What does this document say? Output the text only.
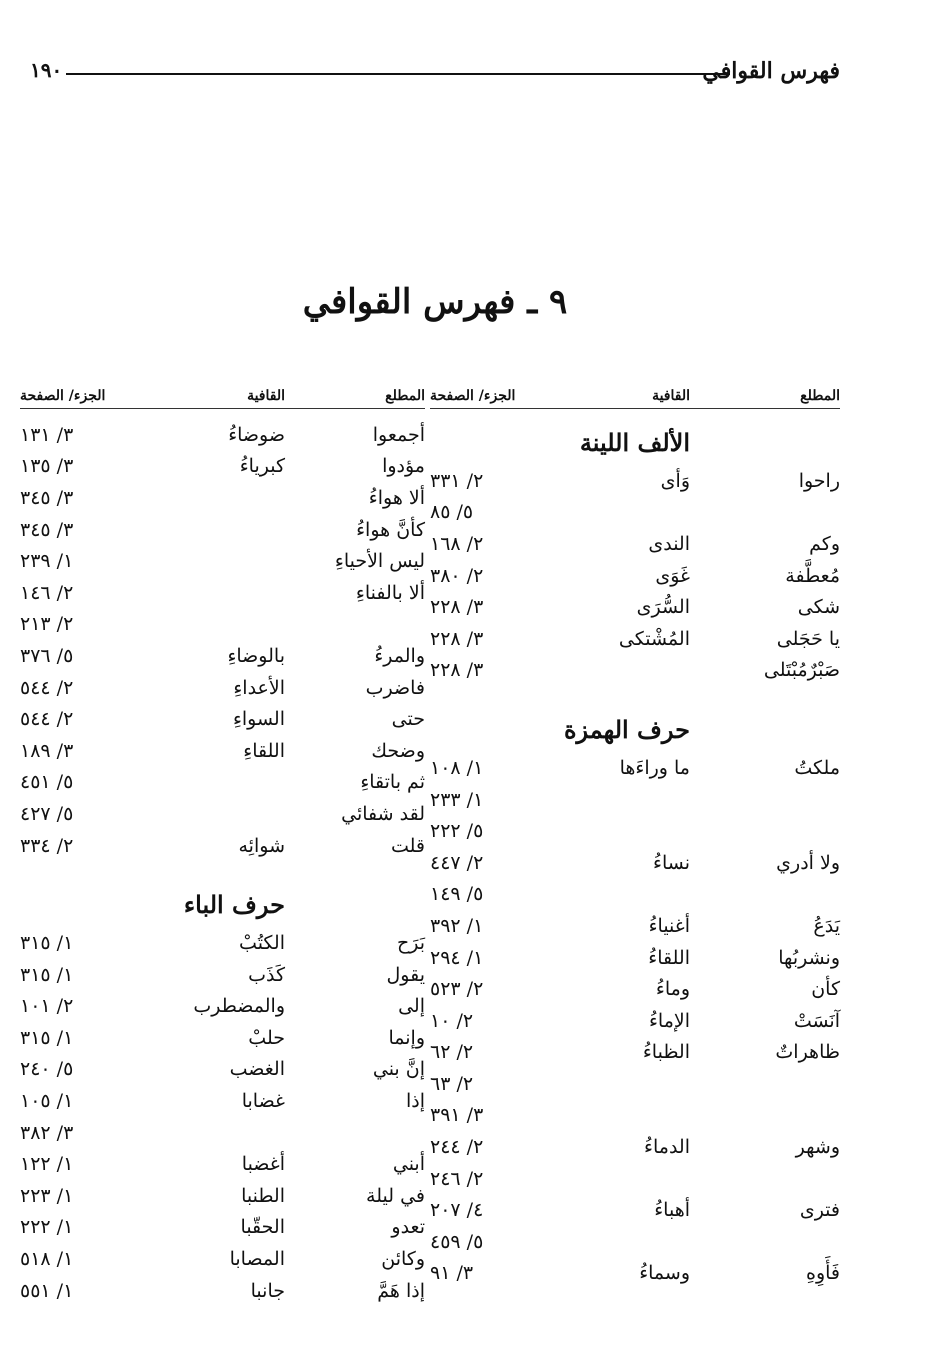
فهرس القوافي
١٩٠
٩ ـ فهرس القوافي
المطلع
القافية
الجزء/ الصفحة
الألف اللينة
راحوا
وَأى
٢/ ٣٣١
٥/ ٨٥
وكم
الندى
٢/ ١٦٨
مُعطَّفة
غَوَى
٢/ ٣٨٠
شكى
السُّرَى
٣/ ٢٢٨
يا حَجَلى
المُشْتكى
٣/ ٢٢٨
صَبْرٌمُبْتَلى
٣/ ٢٢٨
حرف الهمزة
ملكتُ
ما وراءَها
١/ ١٠٨
١/ ٢٣٣
٥/ ٢٢٢
ولا أدري
نساءُ
٢/ ٤٤٧
٥/ ١٤٩
يَدَعُ
أغنياءُ
١/ ٣٩٢
ونشربُها
اللقاءُ
١/ ٢٩٤
كأن
وماءُ
٢/ ٥٢٣
آنَسَتْ
الإماءُ
٢/ ١٠
ظاهراتٌ
الظباءُ
٢/ ٦٢
٢/ ٦٣
٣/ ٣٩١
وشهر
الدماءُ
٢/ ٢٤٤
٢/ ٢٤٦
فترى
أهباءُ
٤/ ٢٠٧
٥/ ٤٥٩
فَأَوِهِ
وسماءُ
٣/ ٩١
المطلع
القافية
الجزء/ الصفحة
أجمعوا
ضوضاءُ
٣/ ١٣١
مؤدوا
كبرياءُ
٣/ ١٣٥
ألا هواءُ
٣/ ٣٤٥
كأنَّ هواءُ
٣/ ٣٤٥
ليس الأحياءِ
١/ ٢٣٩
ألا بالفناءِ
٢/ ١٤٦
٢/ ٢١٣
والمرءُ
بالوضاءِ
٥/ ٣٧٦
فاضرب
الأعداءِ
٢/ ٥٤٤
حتى
السواءِ
٢/ ٥٤٤
وضحك
اللقاءِ
٣/ ١٨٩
ثم باتقاءِ
٥/ ٤٥١
لقد شفائي
٥/ ٤٢٧
قلت
شوائِه
٢/ ٣٣٤
حرف الباء
بَرَح
الكتُبْ
١/ ٣١٥
يقول
كَذَب
١/ ٣١٥
إلى
والمضطرب
٢/ ١٠١
وإنما
حلبْ
١/ ٣١٥
إنَّ بني
الغضب
٥/ ٢٤٠
إذا
غضابا
١/ ١٠٥
٣/ ٣٨٢
أبني
أغضبا
١/ ١٢٢
في ليلة
الطنبا
١/ ٢٢٣
تعدو
الحقّبا
١/ ٢٢٢
وكائن
المصابا
١/ ٥١٨
إذا هَمَّ
جانبا
١/ ٥٥١
